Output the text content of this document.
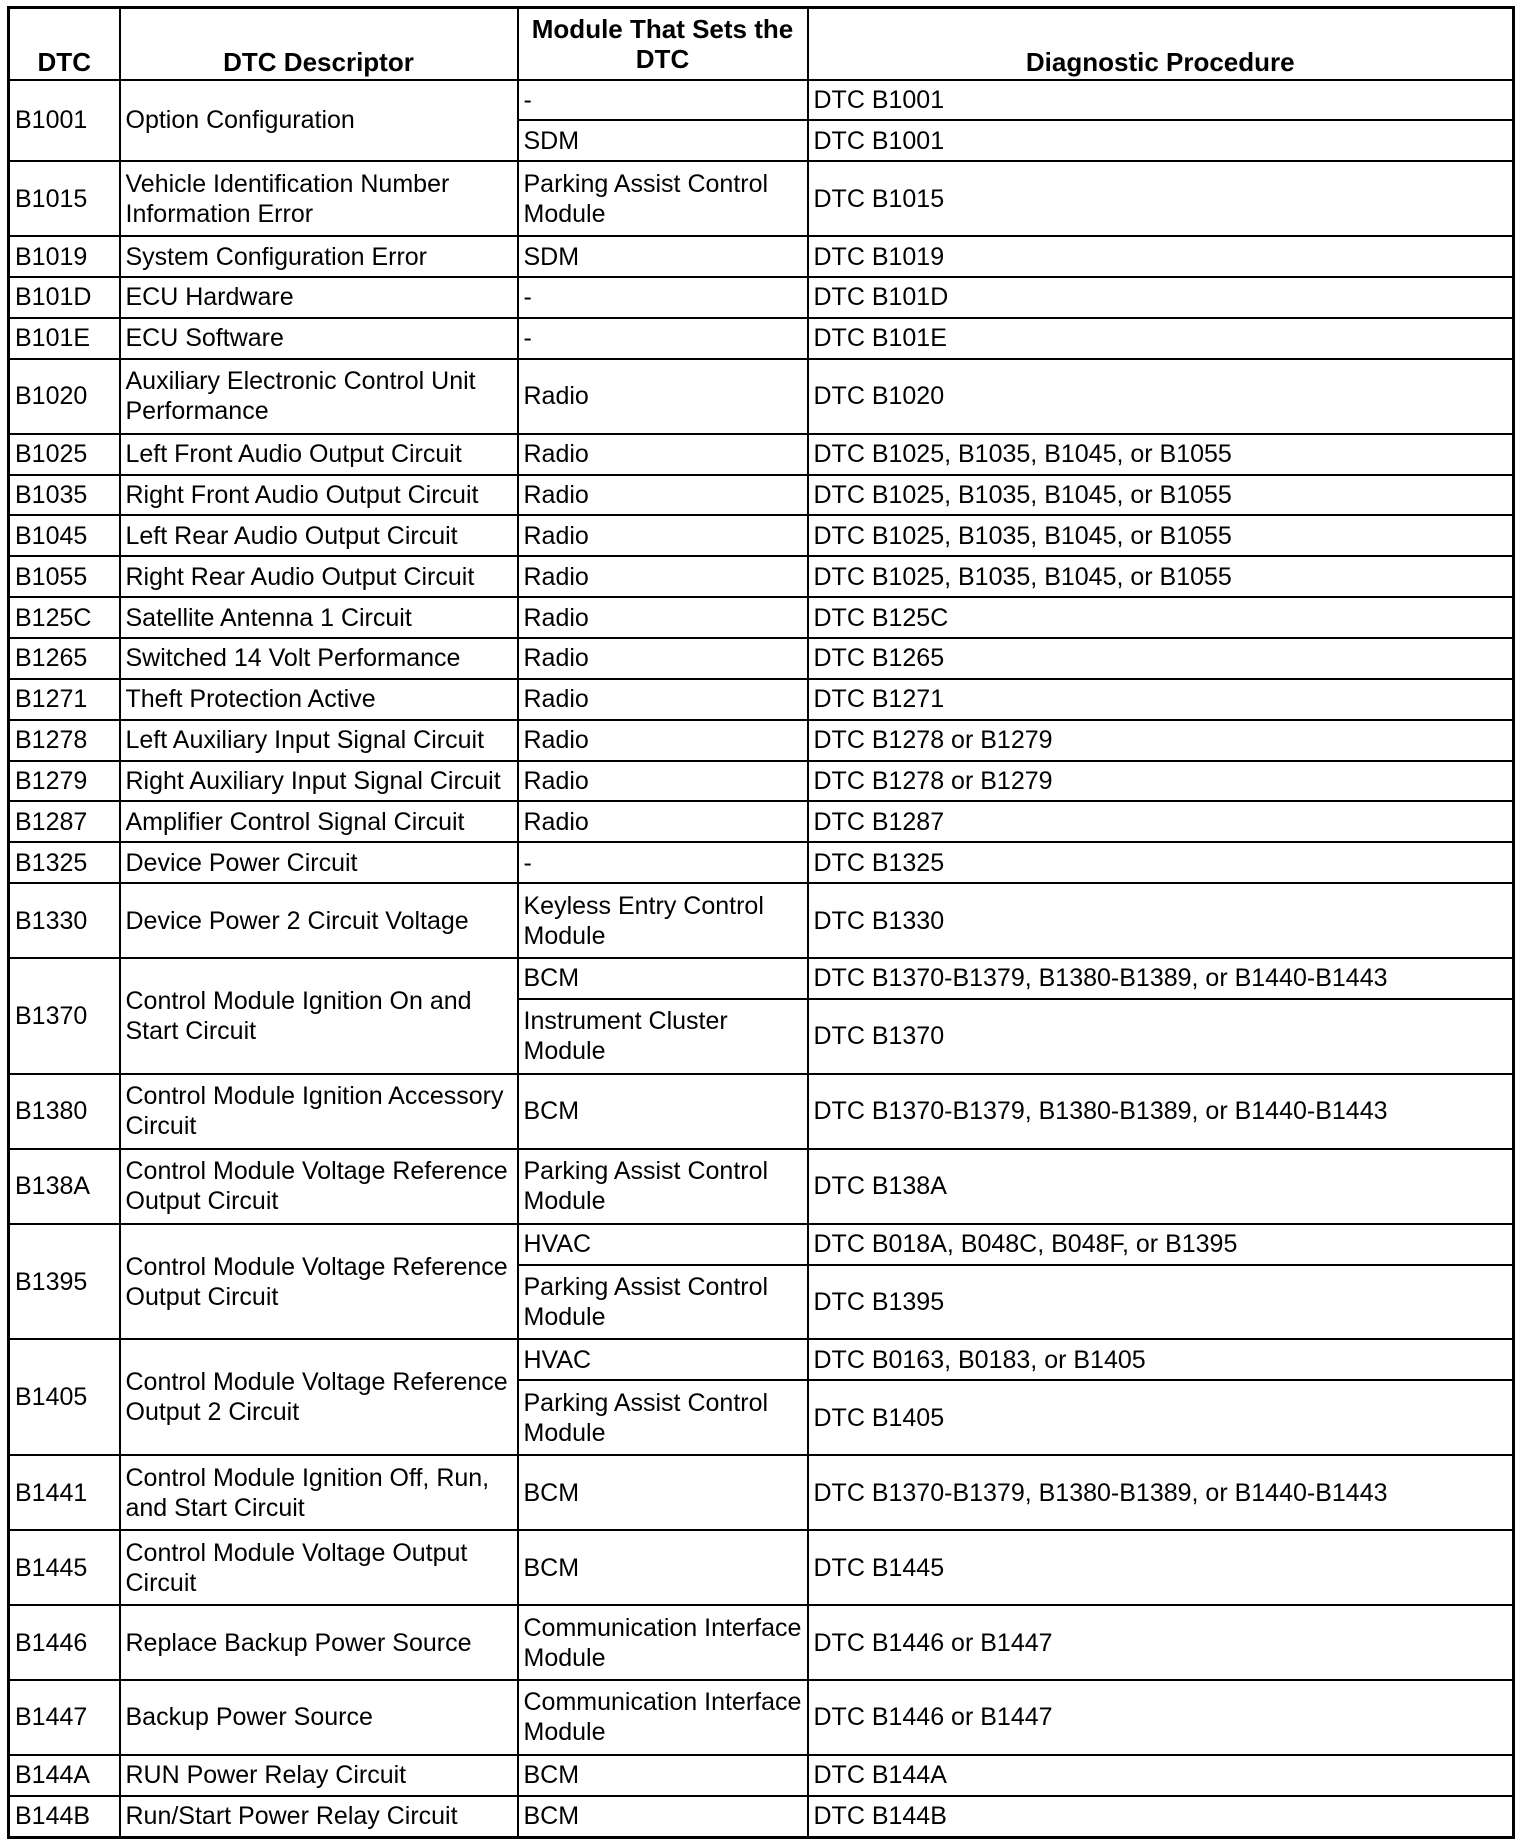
DTC	DTC Descriptor	Module That Sets the DTC	Diagnostic Procedure
B1001	Option Configuration	-	DTC B1001
		SDM	DTC B1001
B1015	Vehicle Identification Number Information Error	Parking Assist Control Module	DTC B1015
B1019	System Configuration Error	SDM	DTC B1019
B101D	ECU Hardware	-	DTC B101D
B101E	ECU Software	-	DTC B101E
B1020	Auxiliary Electronic Control Unit Performance	Radio	DTC B1020
B1025	Left Front Audio Output Circuit	Radio	DTC B1025, B1035, B1045, or B1055
B1035	Right Front Audio Output Circuit	Radio	DTC B1025, B1035, B1045, or B1055
B1045	Left Rear Audio Output Circuit	Radio	DTC B1025, B1035, B1045, or B1055
B1055	Right Rear Audio Output Circuit	Radio	DTC B1025, B1035, B1045, or B1055
B125C	Satellite Antenna 1 Circuit	Radio	DTC B125C
B1265	Switched 14 Volt Performance	Radio	DTC B1265
B1271	Theft Protection Active	Radio	DTC B1271
B1278	Left Auxiliary Input Signal Circuit	Radio	DTC B1278 or B1279
B1279	Right Auxiliary Input Signal Circuit	Radio	DTC B1278 or B1279
B1287	Amplifier Control Signal Circuit	Radio	DTC B1287
B1325	Device Power Circuit	-	DTC B1325
B1330	Device Power 2 Circuit Voltage	Keyless Entry Control Module	DTC B1330
B1370	Control Module Ignition On and Start Circuit	BCM	DTC B1370-B1379, B1380-B1389, or B1440-B1443
		Instrument Cluster Module	DTC B1370
B1380	Control Module Ignition Accessory Circuit	BCM	DTC B1370-B1379, B1380-B1389, or B1440-B1443
B138A	Control Module Voltage Reference Output Circuit	Parking Assist Control Module	DTC B138A
B1395	Control Module Voltage Reference Output Circuit	HVAC	DTC B018A, B048C, B048F, or B1395
		Parking Assist Control Module	DTC B1395
B1405	Control Module Voltage Reference Output 2 Circuit	HVAC	DTC B0163, B0183, or B1405
		Parking Assist Control Module	DTC B1405
B1441	Control Module Ignition Off, Run, and Start Circuit	BCM	DTC B1370-B1379, B1380-B1389, or B1440-B1443
B1445	Control Module Voltage Output Circuit	BCM	DTC B1445
B1446	Replace Backup Power Source	Communication Interface Module	DTC B1446 or B1447
B1447	Backup Power Source	Communication Interface Module	DTC B1446 or B1447
B144A	RUN Power Relay Circuit	BCM	DTC B144A
B144B	Run/Start Power Relay Circuit	BCM	DTC B144B
